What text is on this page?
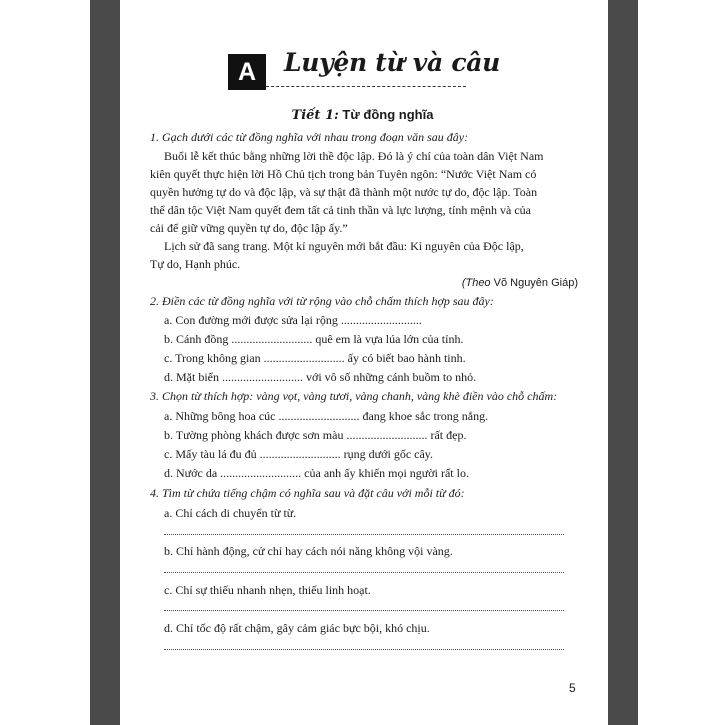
A	Luyện từ và câu
Tiết 1: Từ đồng nghĩa
1. Gạch dưới các từ đồng nghĩa với nhau trong đoạn văn sau đây:
Buổi lễ kết thúc bằng những lời thề độc lập. Đó là ý chí của toàn dân Việt Nam
kiên quyết thực hiện lời Hồ Chủ tịch trong bản Tuyên ngôn: “Nước Việt Nam có
quyền hưởng tự do và độc lập, và sự thật đã thành một nước tự do, độc lập. Toàn
thể dân tộc Việt Nam quyết đem tất cả tinh thần và lực lượng, tính mệnh và của
cải để giữ vững quyền tự do, độc lập ấy.”
Lịch sử đã sang trang. Một kỉ nguyên mới bắt đầu: Kỉ nguyên của Độc lập,
Tự do, Hạnh phúc.
(Theo Võ Nguyên Giáp)
2. Điền các từ đồng nghĩa với từ rộng vào chỗ chấm thích hợp sau đây:
a. Con đường mới được sửa lại rộng ...........................
b. Cánh đồng ........................... quê em là vựa lúa lớn của tỉnh.
c. Trong không gian ........................... ấy có biết bao hành tinh.
d. Mặt biển ........................... với vô số những cánh buồm to nhỏ.
3. Chọn từ thích hợp: vàng vọt, vàng tươi, vàng chanh, vàng khè điền vào chỗ chấm:
a. Những bông hoa cúc ........................... đang khoe sắc trong nắng.
b. Tường phòng khách được sơn màu ........................... rất đẹp.
c. Mấy tàu lá đu đủ ........................... rụng dưới gốc cây.
d. Nước da ........................... của anh ấy khiến mọi người rất lo.
4. Tìm từ chứa tiếng chậm có nghĩa sau và đặt câu với mỗi từ đó:
a. Chỉ cách di chuyển từ từ.
b. Chỉ hành động, cử chỉ hay cách nói năng không vội vàng.
c. Chỉ sự thiếu nhanh nhẹn, thiếu linh hoạt.
d. Chỉ tốc độ rất chậm, gây cảm giác bực bội, khó chịu.
5
